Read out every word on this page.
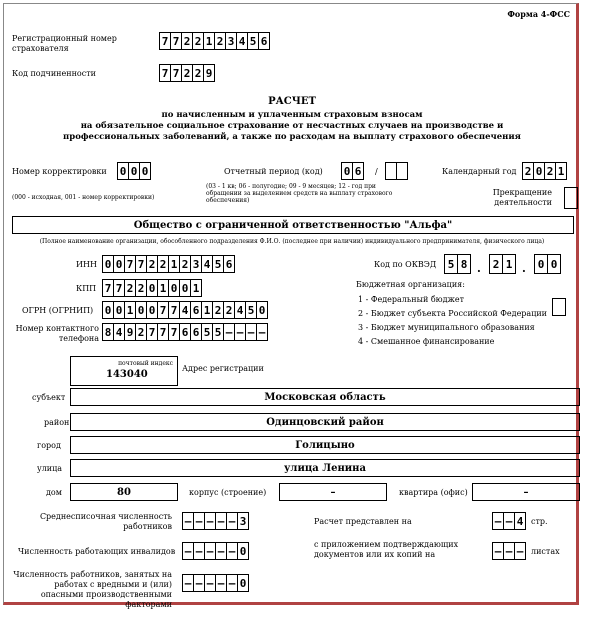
Форма 4-ФСС
Регистрационный номер страхователя
7 7 2 2 1 2 3 4 5 6
Код подчиненности	7 7 2 2 9
РАСЧЕТ
по начисленным и уплаченным страховым взносам
на обязательное социальное страхование от несчастных случаев на производстве и
профессиональных заболеваний, а также по расходам на выплату страхового обеспечения
Номер корректировки 0 0 0
(000 - исходная, 001 - номер корректировки)
Отчетный период (код) 0 6	/
(03 - 1 кв; 06 - полугодие; 09 - 9 месяцев; 12 - год при обращении за выделением средств на выплату страхового обеспечения)
Календарный год 2 0 2 1
Прекращение деятельности
Общество с ограниченной ответственностью "Альфа"
(Полное наименование организации, обособленного подразделения Ф.И.О. (последнее при наличии) индивидуального предпринимателя, физического лица)
ИНН 0 0 7 7 2 2 1 2 3 4 5 6
КПП 7 7 2 2 0 1 0 0 1
ОГРН (ОГРНИП) 0 0 1 0 0 7 7 4 6 1 2 2 4 5 0
Номер контактного телефона 8 4 9 2 7 7 7 6 6 5 5 – – – –
Код по ОКВЭД	5 8 .	2 1 .	0 0
Бюджетная организация:
1 - Федеральный бюджет
2 - Бюджет субъекта Российской Федерации
3 - Бюджет муниципального образования
4 - Смешанное финансирование
почтовый индекс
143040
Адрес регистрации
субъект	Московская область
район	Одинцовский район
город	Голицыно
улица	улица Ленина
дом	80	корпус (строение)	–	квартира (офис)	–
Среднесписочная численность работников – – – – – 3
Численность работающих инвалидов – – – – – 0
Численность работников, занятых на работах с вредными и (или) опасными производственными факторами
– – – – – 0
Расчет представлен на	– – 4 стр.
с приложением подтверждающих документов или их копий на	– – – листах
